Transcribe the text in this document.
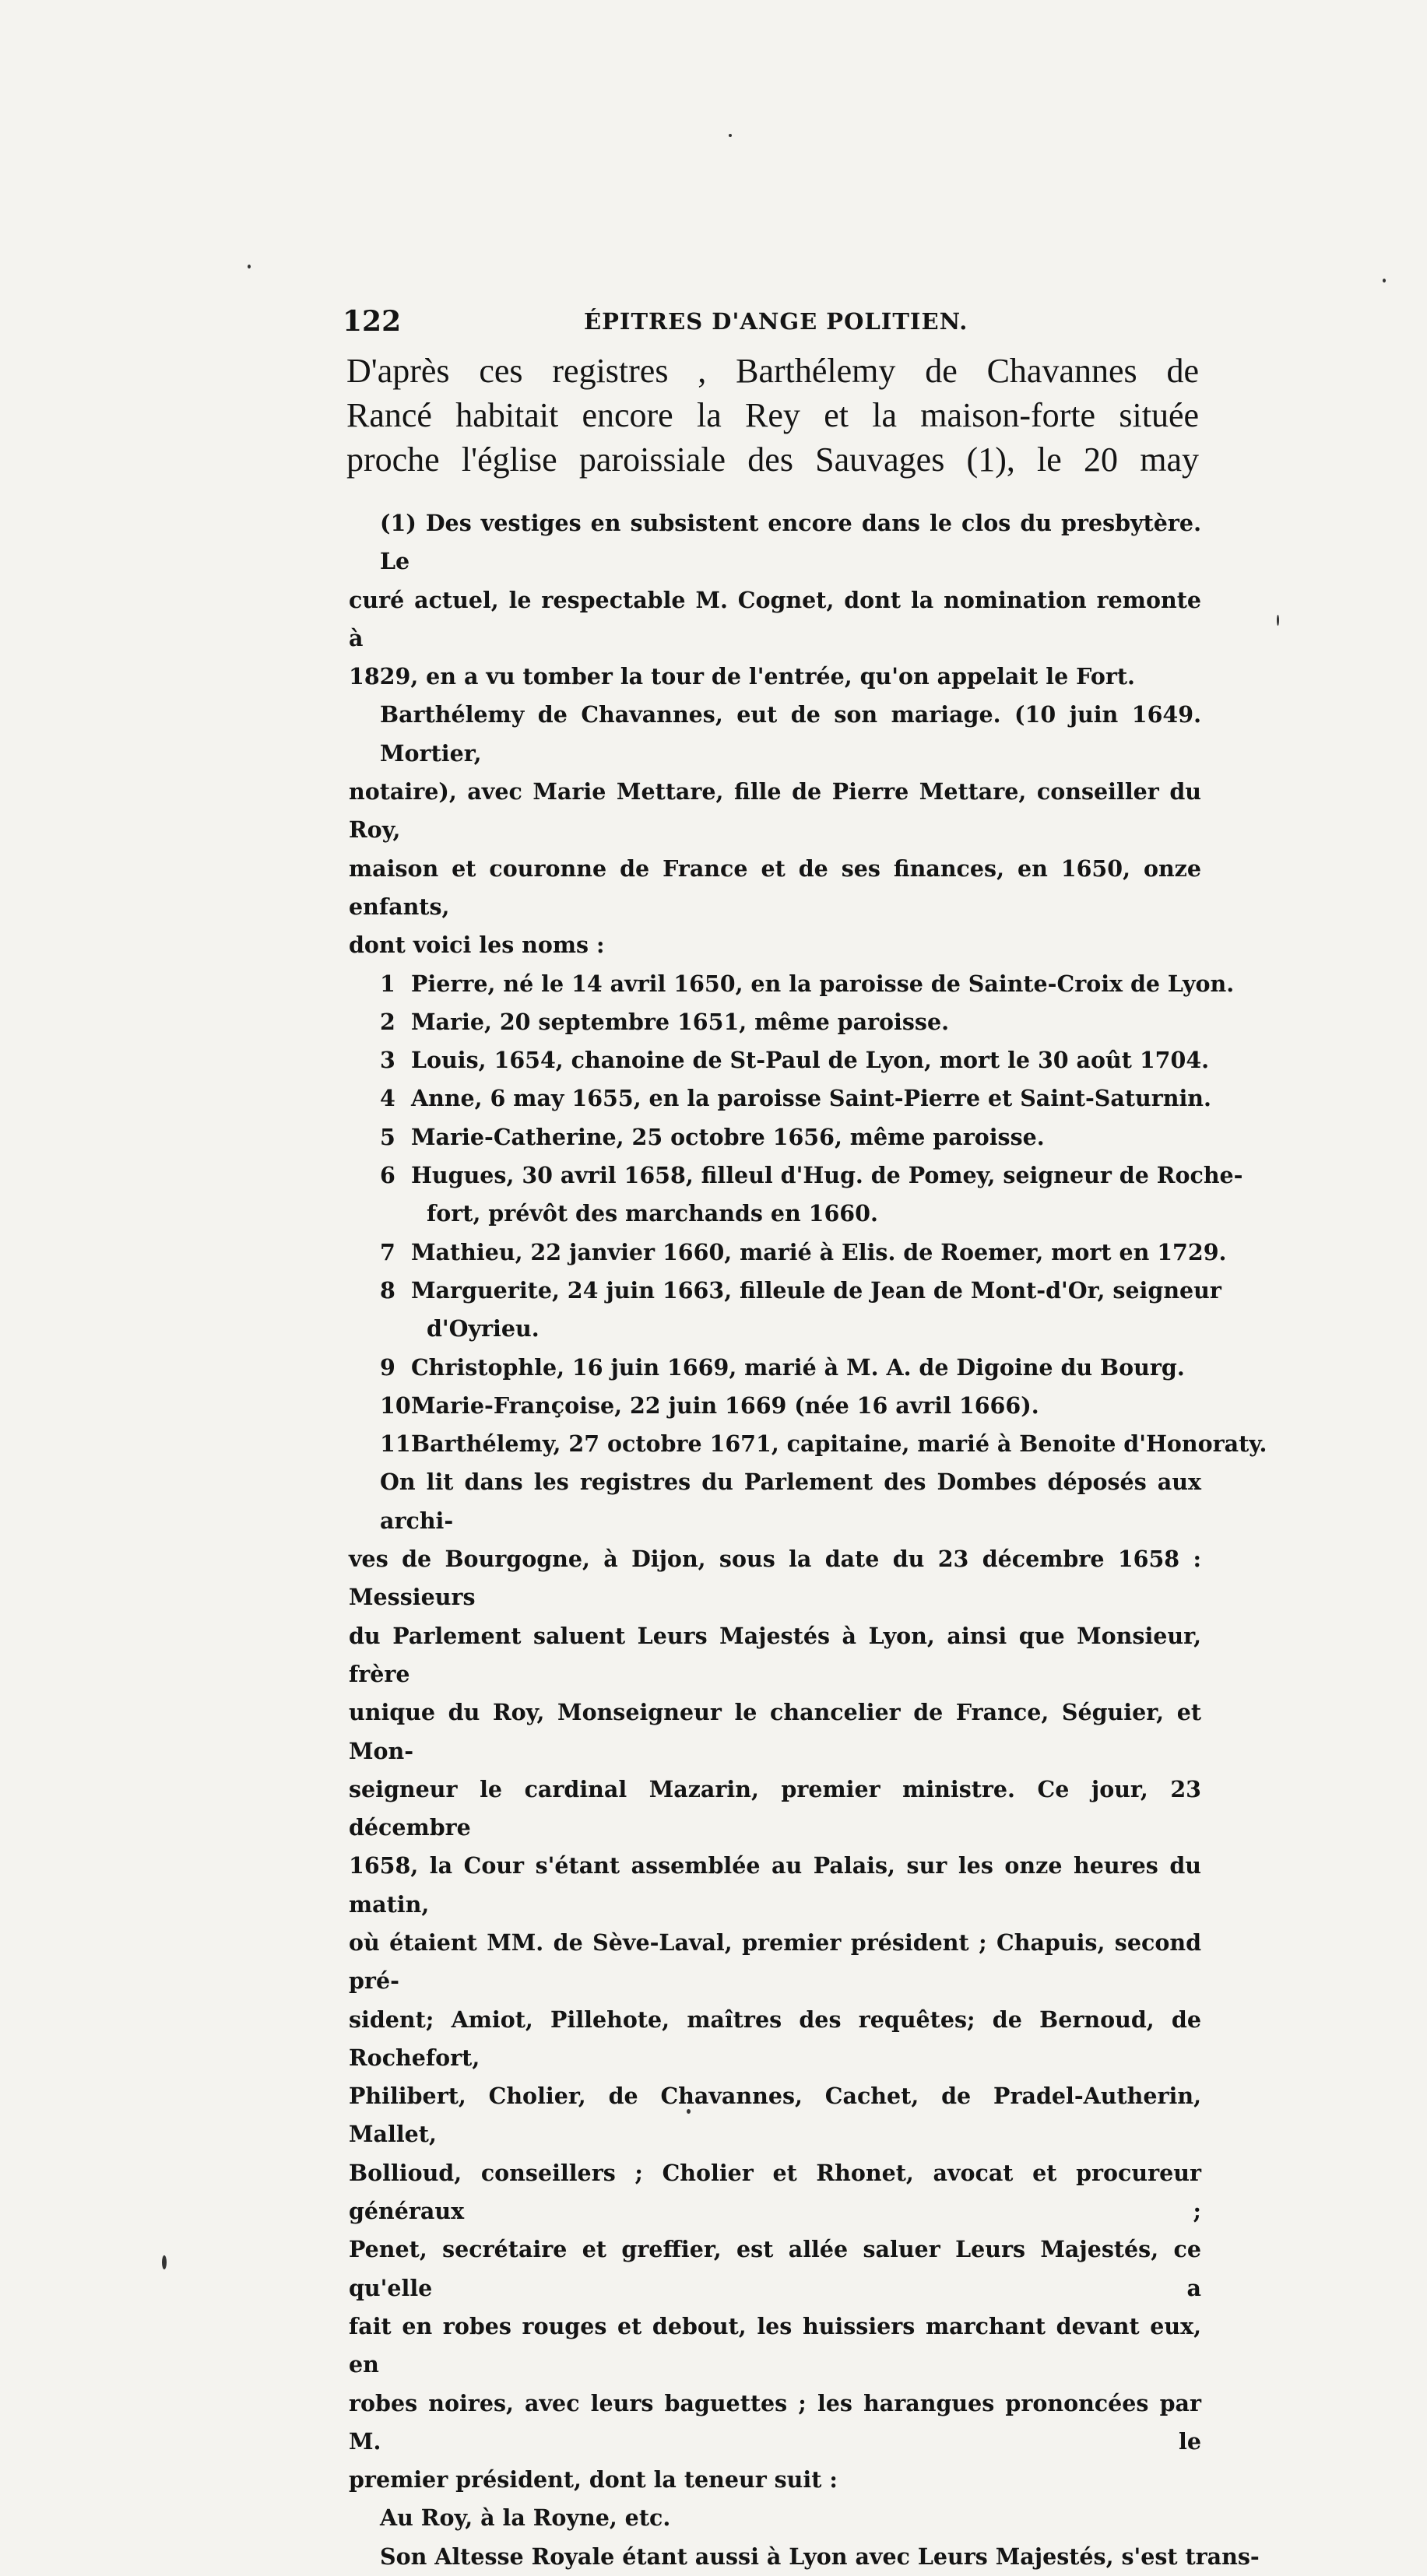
122	ÉPITRES D'ANGE POLITIEN.
D'après ces registres , Barthélemy de Chavannes de
Rancé habitait encore la Rey et la maison-forte située
proche l'église paroissiale des Sauvages (1), le 20 may
(1) Des vestiges en subsistent encore dans le clos du presbytère. Le
curé actuel, le respectable M. Cognet, dont la nomination remonte à
1829, en a vu tomber la tour de l'entrée, qu'on appelait le Fort.
Barthélemy de Chavannes, eut de son mariage. (10 juin 1649. Mortier,
notaire), avec Marie Mettare, fille de Pierre Mettare, conseiller du Roy,
maison et couronne de France et de ses finances, en 1650, onze enfants,
dont voici les noms :
1 Pierre, né le 14 avril 1650, en la paroisse de Sainte-Croix de Lyon.
2 Marie, 20 septembre 1651, même paroisse.
3 Louis, 1654, chanoine de St-Paul de Lyon, mort le 30 août 1704.
4 Anne, 6 may 1655, en la paroisse Saint-Pierre et Saint-Saturnin.
5 Marie-Catherine, 25 octobre 1656, même paroisse.
6 Hugues, 30 avril 1658, filleul d'Hug. de Pomey, seigneur de Roche-
fort, prévôt des marchands en 1660.
7 Mathieu, 22 janvier 1660, marié à Elis. de Roemer, mort en 1729.
8 Marguerite, 24 juin 1663, filleule de Jean de Mont-d'Or, seigneur
d'Oyrieu.
9 Christophle, 16 juin 1669, marié à M. A. de Digoine du Bourg.
10Marie-Françoise, 22 juin 1669 (née 16 avril 1666).
11Barthélemy, 27 octobre 1671, capitaine, marié à Benoite d'Honoraty.
On lit dans les registres du Parlement des Dombes déposés aux archi-
ves de Bourgogne, à Dijon, sous la date du 23 décembre 1658 : Messieurs
du Parlement saluent Leurs Majestés à Lyon, ainsi que Monsieur, frère
unique du Roy, Monseigneur le chancelier de France, Séguier, et Mon-
seigneur le cardinal Mazarin, premier ministre. Ce jour, 23 décembre
1658, la Cour s'étant assemblée au Palais, sur les onze heures du matin,
où étaient MM. de Sève-Laval, premier président ; Chapuis, second pré-
sident; Amiot, Pillehote, maîtres des requêtes; de Bernoud, de Rochefort,
Philibert, Cholier, de Chavannes, Cachet, de Pradel-Autherin, Mallet,
Bollioud, conseillers ; Cholier et Rhonet, avocat et procureur généraux ;
Penet, secrétaire et greffier, est allée saluer Leurs Majestés, ce qu'elle a
fait en robes rouges et debout, les huissiers marchant devant eux, en
robes noires, avec leurs baguettes ; les harangues prononcées par M. le
premier président, dont la teneur suit :
Au Roy, à la Royne, etc.
Son Altesse Royale étant aussi à Lyon avec Leurs Majestés, s'est trans-
